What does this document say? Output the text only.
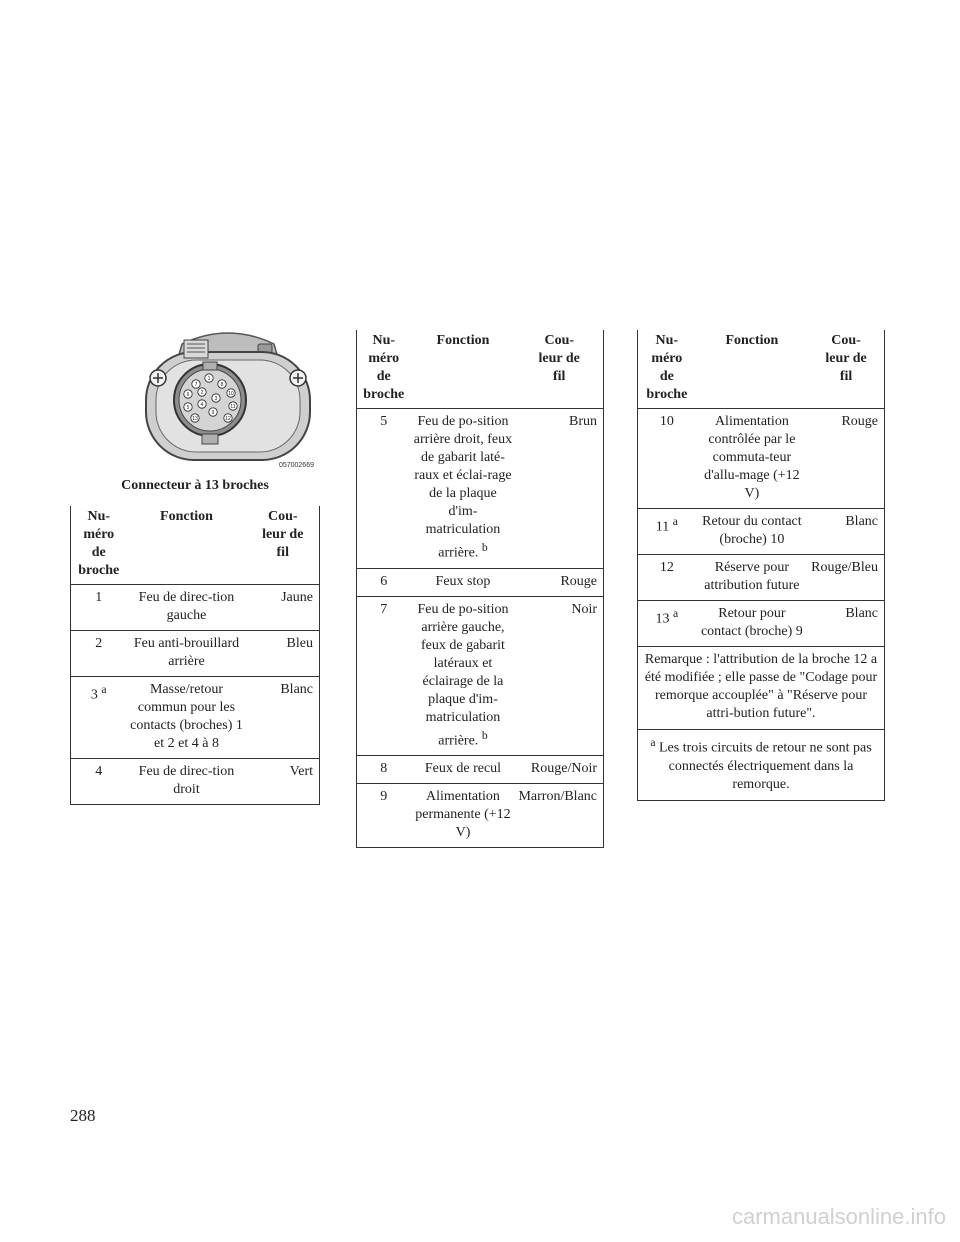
7
1
8
6 2	10
4
3
5	11
9
13	12
057002669
Connecteur à 13 broches
Nu-
méro
de
broche	Fonction	Cou-
leur de
fil
1	Feu de direc-tion gauche	Jaune
2	Feu anti-brouillard arrière	Bleu
3 $^a$	Masse/retour commun pour les contacts (broches) 1 et 2 et 4 à 8	Blanc
4	Feu de direc-tion droit	Vert
Nu-
méro
de
broche	Fonction	Cou-
leur de
fil
5	Feu de po-sition arrière droit, feux de gabarit laté-raux et éclai-rage de la plaque d'im-matriculation arrière. $^b$	Brun
6	Feux stop	Rouge
7	Feu de po-sition arrière gauche, feux de gabarit latéraux et éclairage de la plaque d'im-matriculation arrière. $^b$	Noir
8	Feux de recul	Rouge/Noir
9	Alimentation permanente (+12 V)	Marron/Blanc
Nu-
méro
de
broche	Fonction	Cou-
leur de
fil
10	Alimentation contrôlée par le commuta-teur d'allu-mage (+12 V)	Rouge
11 $^a$	Retour du contact (broche) 10	Blanc
12	Réserve pour attribution future	Rouge/Bleu
13 $^a$	Retour pour contact (broche) 9	Blanc
Remarque : l'attribution de la broche 12 a été modifiée ; elle passe de "Codage pour remorque accouplée" à "Réserve pour attri-bution future".		
$^a$ Les trois circuits de retour ne sont pas connectés électriquement dans la remorque.		
288
carmanualsonline.info
